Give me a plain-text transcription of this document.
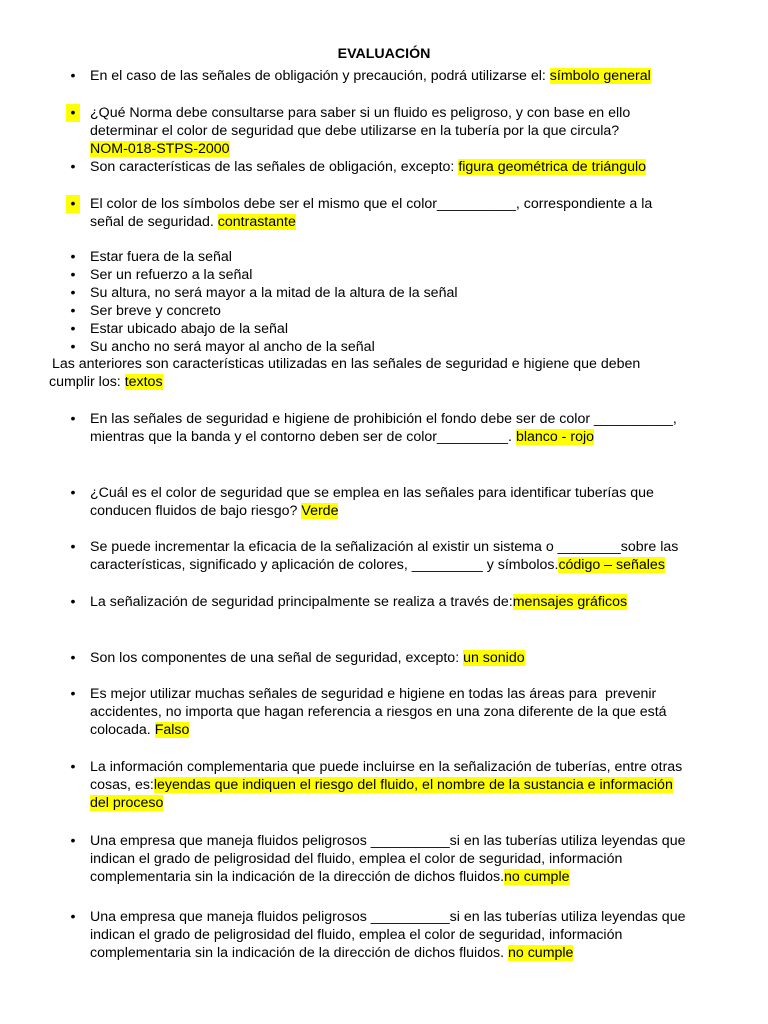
EVALUACIÓN
•	En el caso de las señales de obligación y precaución, podrá utilizarse el: símbolo general
•	¿Qué Norma debe consultarse para saber si un fluido es peligroso, y con base en ello
determinar el color de seguridad que debe utilizarse en la tubería por la que circula?
NOM-018-STPS-2000
•	Son características de las señales de obligación, excepto: figura geométrica de triángulo
•	El color de los símbolos debe ser el mismo que el color__________, correspondiente a la
señal de seguridad. contrastante
•	Estar fuera de la señal
•	Ser un refuerzo a la señal
•	Su altura, no será mayor a la mitad de la altura de la señal
•	Ser breve y concreto
•	Estar ubicado abajo de la señal
•	Su ancho no será mayor al ancho de la señal
Las anteriores son características utilizadas en las señales de seguridad e higiene que deben
cumplir los: textos
•	En las señales de seguridad e higiene de prohibición el fondo debe ser de color __________,
mientras que la banda y el contorno deben ser de color_________. blanco - rojo
•	¿Cuál es el color de seguridad que se emplea en las señales para identificar tuberías que
conducen fluidos de bajo riesgo? Verde
•	Se puede incrementar la eficacia de la señalización al existir un sistema o ________sobre las
características, significado y aplicación de colores, _________ y símbolos.código – señales
•	La señalización de seguridad principalmente se realiza a través de:mensajes gráficos
•	Son los componentes de una señal de seguridad, excepto: un sonido
•	Es mejor utilizar muchas señales de seguridad e higiene en todas las áreas para  prevenir
accidentes, no importa que hagan referencia a riesgos en una zona diferente de la que está
colocada. Falso
•	La información complementaria que puede incluirse en la señalización de tuberías, entre otras
cosas, es:leyendas que indiquen el riesgo del fluido, el nombre de la sustancia e información
del proceso
•	Una empresa que maneja fluidos peligrosos __________si en las tuberías utiliza leyendas que
indican el grado de peligrosidad del fluido, emplea el color de seguridad, información
complementaria sin la indicación de la dirección de dichos fluidos.no cumple
•	Una empresa que maneja fluidos peligrosos __________si en las tuberías utiliza leyendas que
indican el grado de peligrosidad del fluido, emplea el color de seguridad, información
complementaria sin la indicación de la dirección de dichos fluidos. no cumple
